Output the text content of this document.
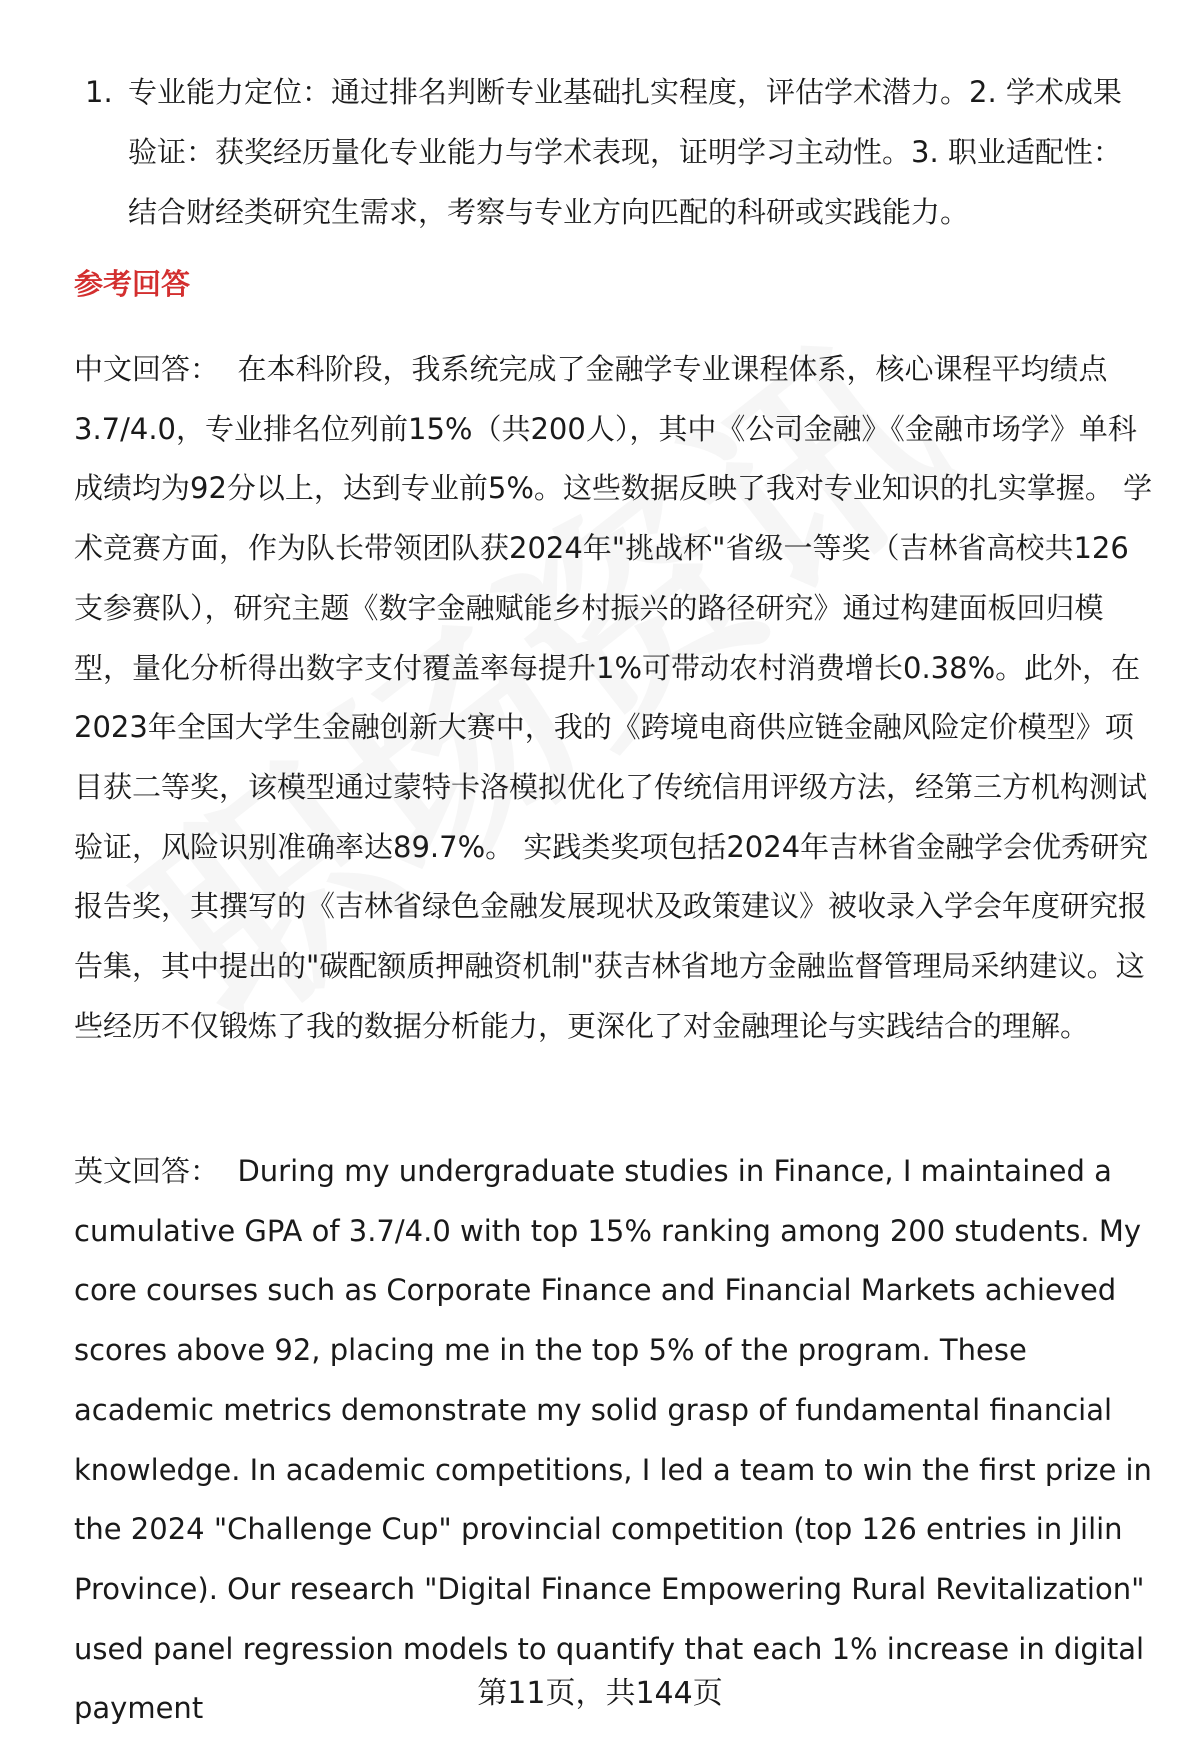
1. 专业能力定位：通过排名判断专业基础扎实程度，评估学术潜力。2. 学术成果验证：获奖经历量化专业能力与学术表现，证明学习主动性。3. 职业适配性：结合财经类研究生需求，考察与专业方向匹配的科研或实践能力。
参考回答
中文回答： 在本科阶段，我系统完成了金融学专业课程体系，核心课程平均绩点3.7/4.0，专业排名位列前15%（共200人），其中《公司金融》《金融市场学》单科成绩均为92分以上，达到专业前5%。这些数据反映了我对专业知识的扎实掌握。 学术竞赛方面，作为队长带领团队获2024年"挑战杯"省级一等奖（吉林省高校共126支参赛队），研究主题《数字金融赋能乡村振兴的路径研究》通过构建面板回归模型，量化分析得出数字支付覆盖率每提升1%可带动农村消费增长0.38%。此外，在2023年全国大学生金融创新大赛中，我的《跨境电商供应链金融风险定价模型》项目获二等奖，该模型通过蒙特卡洛模拟优化了传统信用评级方法，经第三方机构测试验证，风险识别准确率达89.7%。 实践类奖项包括2024年吉林省金融学会优秀研究报告奖，其撰写的《吉林省绿色金融发展现状及政策建议》被收录入学会年度研究报告集，其中提出的"碳配额质押融资机制"获吉林省地方金融监督管理局采纳建议。这些经历不仅锻炼了我的数据分析能力，更深化了对金融理论与实践结合的理解。
英文回答： During my undergraduate studies in Finance, I maintained a cumulative GPA of 3.7/4.0 with top 15% ranking among 200 students. My core courses such as Corporate Finance and Financial Markets achieved scores above 92, placing me in the top 5% of the program. These academic metrics demonstrate my solid grasp of fundamental financial knowledge. In academic competitions, I led a team to win the first prize in the 2024 "Challenge Cup" provincial competition (top 126 entries in Jilin Province). Our research "Digital Finance Empowering Rural Revitalization" used panel regression models to quantify that each 1% increase in digital payment	第11页，共144页
